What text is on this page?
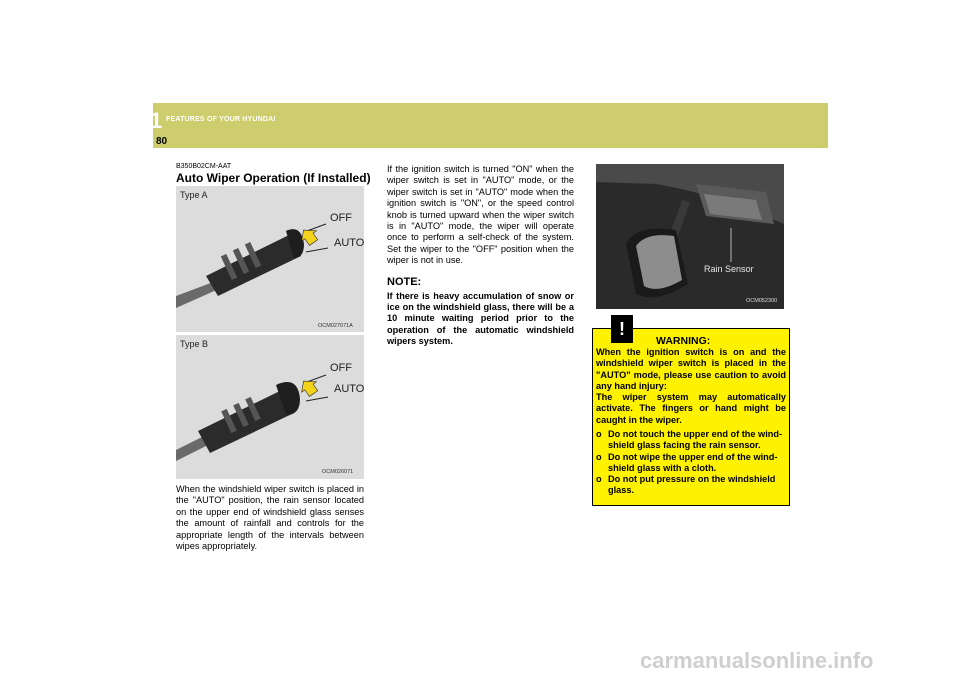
1 FEATURES OF YOUR HYUNDAI
80
B350B02CM-AAT
Auto Wiper Operation (If Installed)
Type A
OFF
AUTO
OCM027071A
Type B
OFF
AUTO
OCM026071

When the windshield wiper switch is placed in the "AUTO" position, the rain sensor located on the upper end of windshield glass senses the amount of rainfall and controls for the appropriate length of the intervals between wipes appropriately.

If the ignition switch is turned "ON" when the wiper switch is set in "AUTO" mode, or the wiper switch is set in "AUTO" mode when the ignition switch is "ON", or the speed control knob is turned upward when the wiper switch is in "AUTO" mode, the wiper will operate once to perform a self-check of the system. Set the wiper to the "OFF" position when the wiper is not in use.

NOTE:

If there is heavy accumulation of snow or ice on the windshield glass, there will be a 10 minute waiting period prior to the operation of the automatic windshield wipers system.

Rain Sensor
OCM052300
!
WARNING:

When the ignition switch is on and the windshield wiper switch is placed in the "AUTO" mode, please use caution to avoid any hand injury:
The wiper system may automatically activate. The fingers or hand might be caught in the wiper.

o Do not touch the upper end of the wind-shield glass facing the rain sensor.
o Do not wipe the upper end of the wind-shield glass with a cloth.
o Do not put pressure on the windshield glass.
carmanualsonline.info
